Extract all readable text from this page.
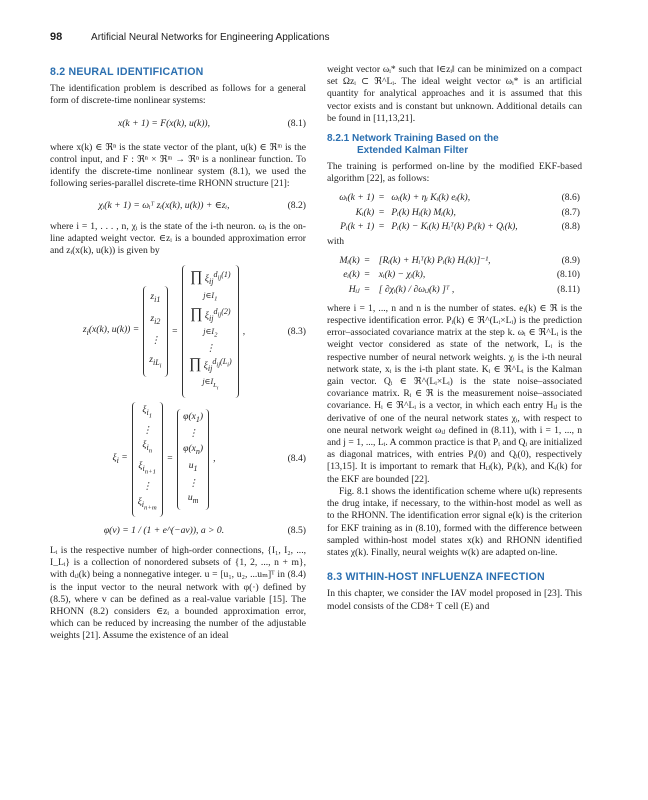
98	Artificial Neural Networks for Engineering Applications
8.2 NEURAL IDENTIFICATION

The identification problem is described as follows for a general form of discrete-time nonlinear systems:

x(k + 1) = F(x(k), u(k)),	(8.1)

where x(k) ∈ ℜⁿ is the state vector of the plant, u(k) ∈ ℜᵐ is the control input, and F : ℜⁿ × ℜᵐ → ℜⁿ is a nonlinear function. To identify the discrete-time nonlinear system (8.1), we used the following series-parallel discrete-time RHONN structure [21]:

χᵢ(k + 1) = ωᵢᵀ zᵢ(x(k), u(k)) + ∈zᵢ,	(8.2)

where i = 1, . . . , n, χᵢ is the state of the i-th neuron. ωᵢ is the on-line adapted weight vector. ∈zᵢ is a bounded approximation error and zᵢ(x(k), u(k)) is given by

$z_i(x(k)$, u(k)) =
$z_{i1}$
$z_{i2}$
⋮
$z_{iL_i}$
=
∏ $\xi_{ij}^{d_{ij}(1)}$
$j\in I_1$
∏ $\xi_{ij}^{d_{ij}(2)}$
$j\in I_2$
⋮
∏ $\xi_{ij}^{d_{ij}(L_i)}$
$j\in I_{L_i}$
,	(8.3)
$\xi_i$ =
$\xi_{i_1}$
⋮
$\xi_{i_n}$
$\xi_{i_{n+1}}$
⋮
$\xi_{i_{n+m}}$
=
$\varphi(x_1)$
⋮
$\varphi(x_n)$
$u_1$
⋮
$u_m$
,	(8.4)
φ(v) = 1 / (1 + e^(−av)), a > 0.	(8.5)

Lᵢ is the respective number of high-order connections, {I₁, I₂, ..., I_Lᵢ} is a collection of nonordered subsets of {1, 2, ..., n + m}, with dᵢⱼ(k) being a nonnegative integer. u = [u₁, u₂, ...uₘ]ᵀ in (8.4) is the input vector to the neural network with φ(·) defined by (8.5), where v can be defined as a real-value variable [15]. The RHONN (8.2) considers ∈zᵢ a bounded approximation error, which can be reduced by increasing the number of the adjustable weights [21]. Assume the existence of an ideal

weight vector ωᵢ* such that ‖∈zᵢ‖ can be minimized on a compact set Ωzᵢ ⊂ ℜ^Lᵢ. The ideal weight vector ωᵢ* is an artificial quantity for analytical approaches and it is assumed that this vector exists and is constant but unknown. Additional details can be found in [11,13,21].

8.2.1 Network Training Based on the
Extended Kalman Filter

The training is performed on-line by the modified EKF-based algorithm [22], as follows:

ωᵢ(k + 1)	=	ωᵢ(k) + ηᵢ Kᵢ(k) eᵢ(k),	(8.6)
Kᵢ(k)	=	Pᵢ(k) Hᵢ(k) Mᵢ(k),	(8.7)
Pᵢ(k + 1)	=	Pᵢ(k) − Kᵢ(k) Hᵢᵀ(k) Pᵢ(k) + Qᵢ(k),	(8.8)

with

Mᵢ(k)	=	[Rᵢ(k) + Hᵢᵀ(k) Pᵢ(k) Hᵢ(k)]⁻¹,	(8.9)
eᵢ(k)	=	xᵢ(k) − χᵢ(k),	(8.10)
Hᵢⱼ	=	[ ∂χᵢ(k) / ∂ωᵢⱼ(k) ]ᵀ ,	(8.11)

where i = 1, ..., n and n is the number of states. eᵢ(k) ∈ ℜ is the respective identification error. Pᵢ(k) ∈ ℜ^(Lᵢ×Lᵢ) is the prediction error–associated covariance matrix at the step k. ωᵢ ∈ ℜ^Lᵢ is the weight vector considered as state of the network, Lᵢ is the respective number of neural network weights. χᵢ is the i-th neural network state, xᵢ is the i-th plant state. Kᵢ ∈ ℜ^Lᵢ is the Kalman gain vector. Qᵢ ∈ ℜ^(Lᵢ×Lᵢ) is the state noise–associated covariance matrix. Rᵢ ∈ ℜ is the measurement noise–associated covariance. Hᵢ ∈ ℜ^Lᵢ is a vector, in which each entry Hᵢⱼ is the derivative of one of the neural network states χᵢ, with respect to one neural network weight ωᵢⱼ defined in (8.11), with i = 1, ..., n and j = 1, ..., Lᵢ. A common practice is that Pᵢ and Qᵢ are initialized as diagonal matrices, with entries Pᵢ(0) and Qᵢ(0), respectively [13,15]. It is important to remark that Hᵢⱼ(k), Pᵢ(k), and Kᵢ(k) for the EKF are bounded [22].

Fig. 8.1 shows the identification scheme where u(k) represents the drug intake, if necessary, to the within-host model as well as to the RHONN. The identification error signal e(k) is the criterion for EKF training as in (8.10), formed with the difference between sampled within-host model states x(k) and RHONN identified states χ(k). Finally, neural weights w(k) are adapted on-line.

8.3 WITHIN-HOST INFLUENZA INFECTION

In this chapter, we consider the IAV model proposed in [23]. This model consists of the CD8+ T cell (E) and
